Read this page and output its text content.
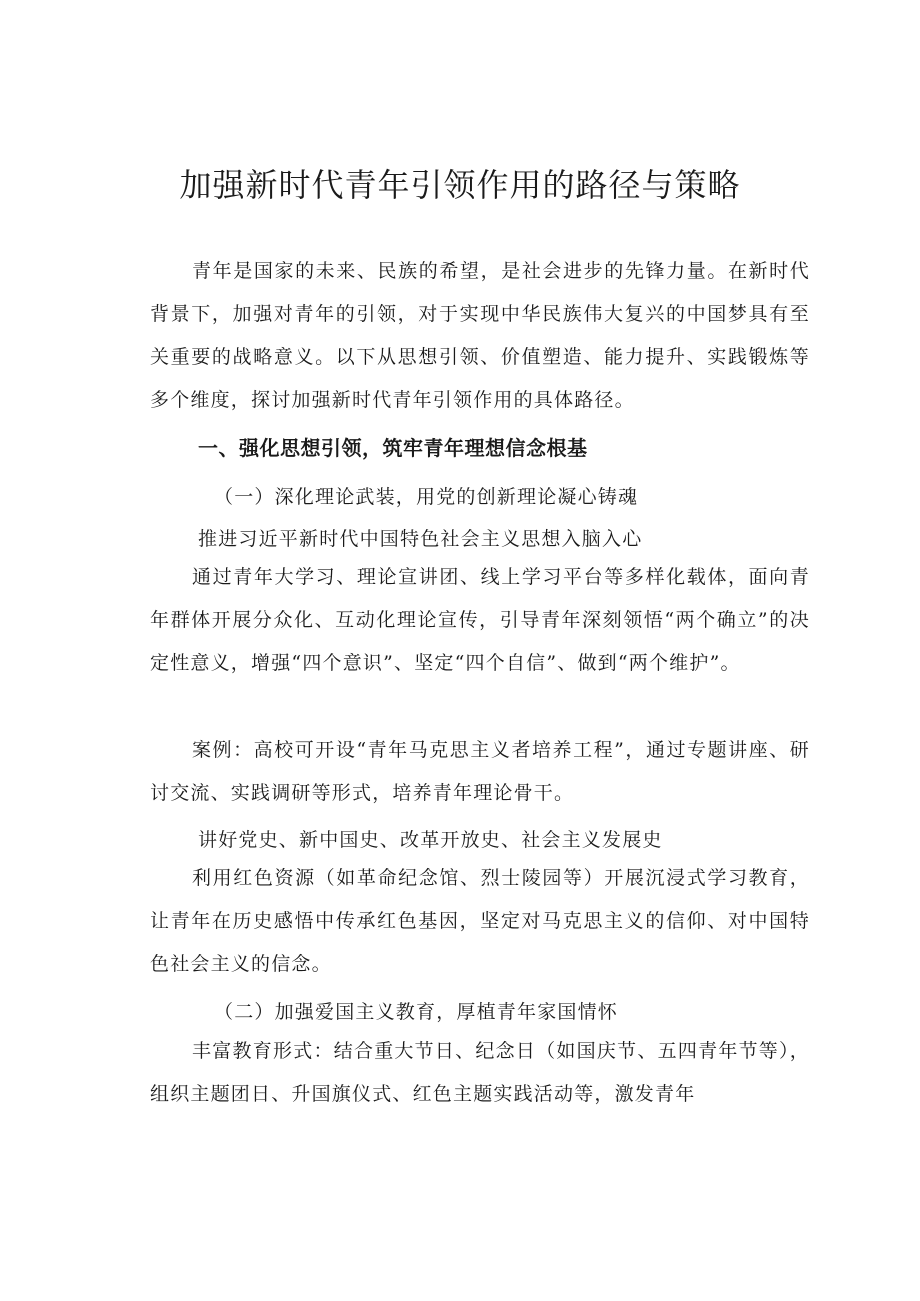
加强新时代青年引领作用的路径与策略

青年是国家的未来、民族的希望，是社会进步的先锋力量。在新时代背景下，加强对青年的引领，对于实现中华民族伟大复兴的中国梦具有至关重要的战略意义。以下从思想引领、价值塑造、能力提升、实践锻炼等多个维度，探讨加强新时代青年引领作用的具体路径。

一、强化思想引领，筑牢青年理想信念根基

（一）深化理论武装，用党的创新理论凝心铸魂

推进习近平新时代中国特色社会主义思想入脑入心

通过青年大学习、理论宣讲团、线上学习平台等多样化载体，面向青年群体开展分众化、互动化理论宣传，引导青年深刻领悟“两个确立”的决定性意义，增强“四个意识”、坚定“四个自信”、做到“两个维护”。

案例：高校可开设“青年马克思主义者培养工程”，通过专题讲座、研讨交流、实践调研等形式，培养青年理论骨干。

讲好党史、新中国史、改革开放史、社会主义发展史

利用红色资源（如革命纪念馆、烈士陵园等）开展沉浸式学习教育，让青年在历史感悟中传承红色基因，坚定对马克思主义的信仰、对中国特色社会主义的信念。

（二）加强爱国主义教育，厚植青年家国情怀

丰富教育形式：结合重大节日、纪念日（如国庆节、五四青年节等），组织主题团日、升国旗仪式、红色主题实践活动等，激发青年
